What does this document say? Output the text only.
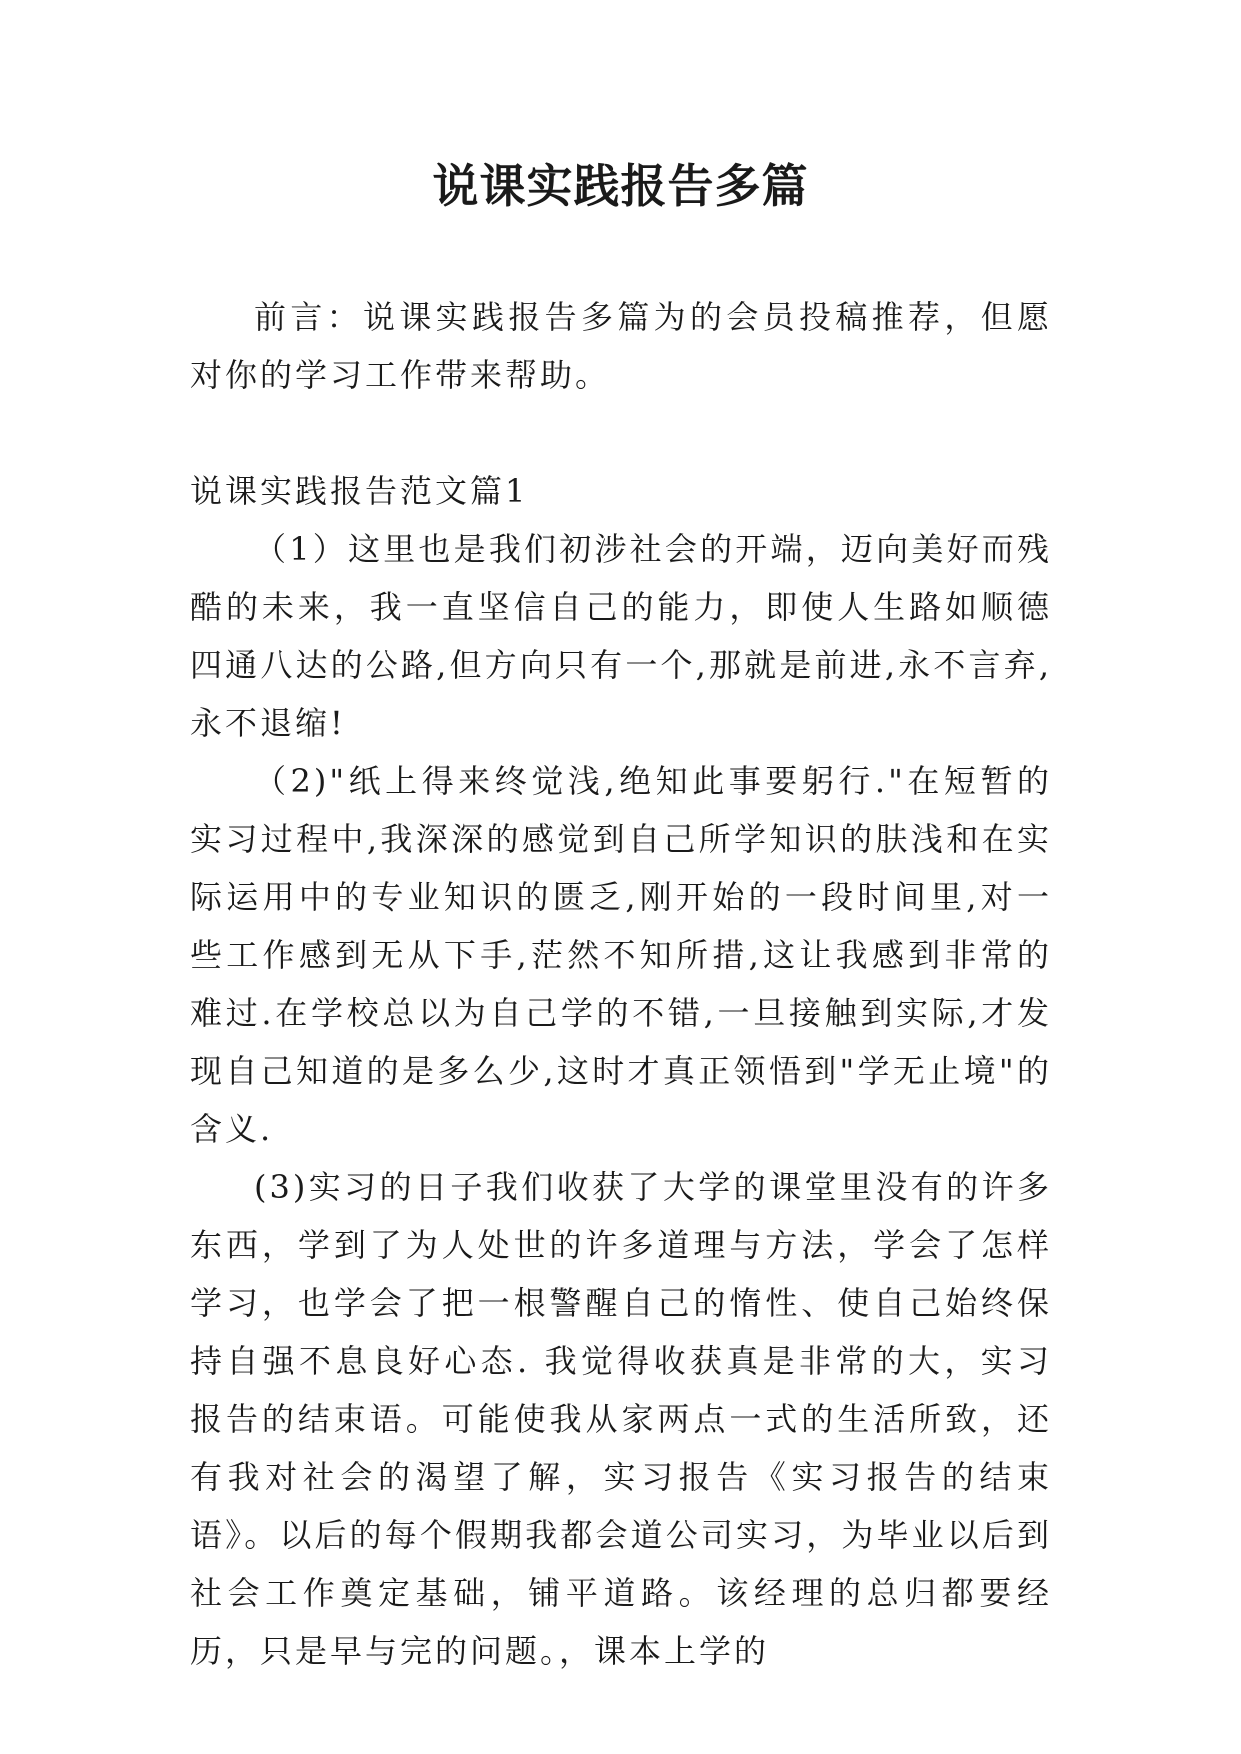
说课实践报告多篇

前言：说课实践报告多篇为的会员投稿推荐，但愿对你的学习工作带来帮助。

说课实践报告范文篇1

（1）这里也是我们初涉社会的开端，迈向美好而残酷的未来，我一直坚信自己的能力，即使人生路如顺德四通八达的公路,但方向只有一个,那就是前进,永不言弃,永不退缩!

（2)"纸上得来终觉浅,绝知此事要躬行."在短暂的实习过程中,我深深的感觉到自己所学知识的肤浅和在实际运用中的专业知识的匮乏,刚开始的一段时间里,对一些工作感到无从下手,茫然不知所措,这让我感到非常的难过.在学校总以为自己学的不错,一旦接触到实际,才发现自己知道的是多么少,这时才真正领悟到"学无止境"的含义.

(3)实习的日子我们收获了大学的课堂里没有的许多东西，学到了为人处世的许多道理与方法，学会了怎样学习，也学会了把一根警醒自己的惰性、使自己始终保持自强不息良好心态. 我觉得收获真是非常的大，实习报告的结束语。可能使我从家两点一式的生活所致，还有我对社会的渴望了解，实习报告《实习报告的结束语》。以后的每个假期我都会道公司实习，为毕业以后到社会工作奠定基础，铺平道路。该经理的总归都要经历，只是早与完的问题。，课本上学的
